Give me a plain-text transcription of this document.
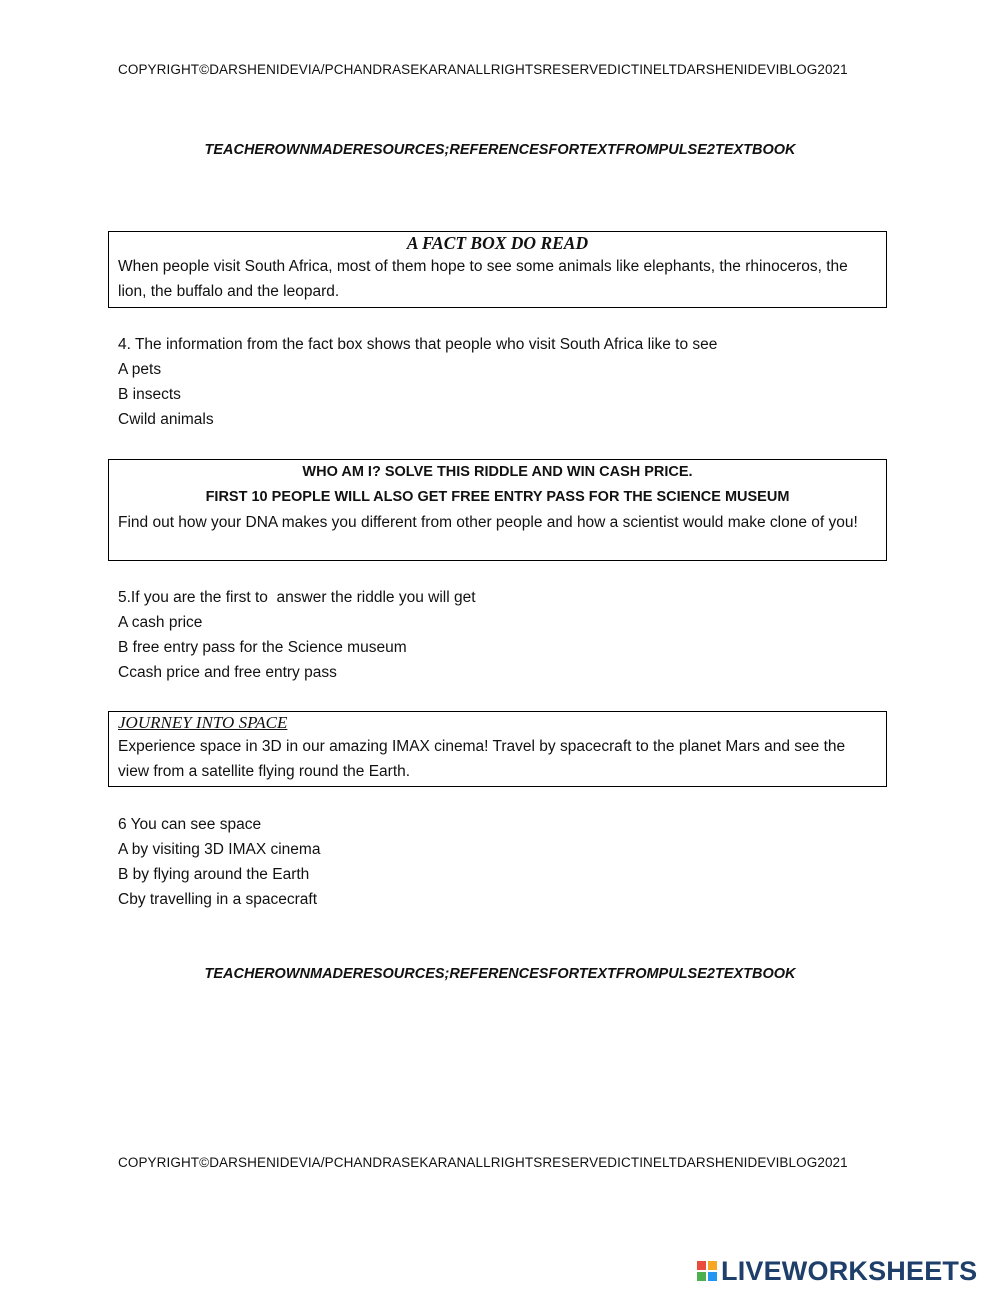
COPYRIGHT©DARSHENIDEVIA/PCHANDRASEKARANALLRIGHTSRESERVEDICTINELTDARSHENIDEVIBLOG2021
TEACHEROWNMADERESOURCES;REFERENCESFORTEXTFROMPULSE2TEXTBOOK
A FACT BOX DO READ
When people visit South Africa, most of them hope to see some animals like elephants, the rhinoceros, the lion, the buffalo and the leopard.
4. The information from the fact box shows that people who visit South Africa like to see
A pets
B insects
Cwild animals
WHO AM I? SOLVE THIS RIDDLE AND WIN CASH PRICE.
FIRST 10 PEOPLE WILL ALSO GET FREE ENTRY PASS FOR THE SCIENCE MUSEUM
Find out how your DNA makes you different from other people and how a scientist would make clone of you!
5.If you are the first to  answer the riddle you will get
A cash price
B free entry pass for the Science museum
Ccash price and free entry pass
JOURNEY INTO SPACE
Experience space in 3D in our amazing IMAX cinema! Travel by spacecraft to the planet Mars and see the view from a satellite flying round the Earth.
6 You can see space
A by visiting 3D IMAX cinema
B by flying around the Earth
Cby travelling in a spacecraft
TEACHEROWNMADERESOURCES;REFERENCESFORTEXTFROMPULSE2TEXTBOOK
COPYRIGHT©DARSHENIDEVIA/PCHANDRASEKARANALLRIGHTSRESERVEDICTINELTDARSHENIDEVIBLOG2021
LIVEWORKSHEETS
